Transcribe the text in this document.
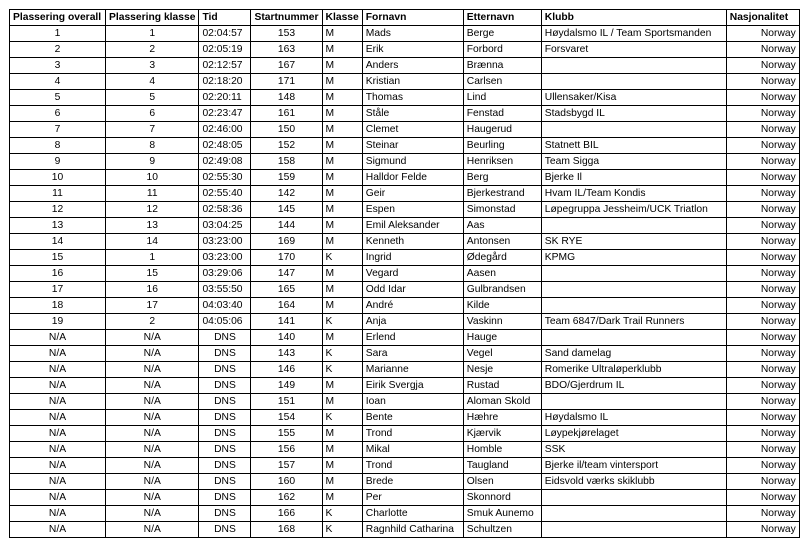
Plassering overall	Plassering klasse	Tid	Startnummer	Klasse	Fornavn	Etternavn	Klubb	Nasjonalitet
1	1	02:04:57	153	M	Mads	Berge	Høydalsmo IL / Team Sportsmanden	Norway
2	2	02:05:19	163	M	Erik	Forbord	Forsvaret	Norway
3	3	02:12:57	167	M	Anders	Brænna		Norway
4	4	02:18:20	171	M	Kristian	Carlsen		Norway
5	5	02:20:11	148	M	Thomas	Lind	Ullensaker/Kisa	Norway
6	6	02:23:47	161	M	Ståle	Fenstad	Stadsbygd IL	Norway
7	7	02:46:00	150	M	Clemet	Haugerud		Norway
8	8	02:48:05	152	M	Steinar	Beurling	Statnett BIL	Norway
9	9	02:49:08	158	M	Sigmund	Henriksen	Team Sigga	Norway
10	10	02:55:30	159	M	Halldor Felde	Berg	Bjerke Il	Norway
11	11	02:55:40	142	M	Geir	Bjerkestrand	Hvam IL/Team Kondis	Norway
12	12	02:58:36	145	M	Espen	Simonstad	Løpegruppa Jessheim/UCK Triatlon	Norway
13	13	03:04:25	144	M	Emil Aleksander	Aas		Norway
14	14	03:23:00	169	M	Kenneth	Antonsen	SK RYE	Norway
15	1	03:23:00	170	K	Ingrid	Ødegård	KPMG	Norway
16	15	03:29:06	147	M	Vegard	Aasen		Norway
17	16	03:55:50	165	M	Odd Idar	Gulbrandsen		Norway
18	17	04:03:40	164	M	André	Kilde		Norway
19	2	04:05:06	141	K	Anja	Vaskinn	Team 6847/Dark Trail Runners	Norway
N/A	N/A	DNS	140	M	Erlend	Hauge		Norway
N/A	N/A	DNS	143	K	Sara	Vegel	Sand damelag	Norway
N/A	N/A	DNS	146	K	Marianne	Nesje	Romerike Ultraløperklubb	Norway
N/A	N/A	DNS	149	M	Eirik Svergja	Rustad	BDO/Gjerdrum IL	Norway
N/A	N/A	DNS	151	M	Ioan	Aloman Skold		Norway
N/A	N/A	DNS	154	K	Bente	Hæhre	Høydalsmo IL	Norway
N/A	N/A	DNS	155	M	Trond	Kjærvik	Løypekjørelaget	Norway
N/A	N/A	DNS	156	M	Mikal	Homble	SSK	Norway
N/A	N/A	DNS	157	M	Trond	Taugland	Bjerke il/team vintersport	Norway
N/A	N/A	DNS	160	M	Brede	Olsen	Eidsvold værks skiklubb	Norway
N/A	N/A	DNS	162	M	Per	Skonnord		Norway
N/A	N/A	DNS	166	K	Charlotte	Smuk Aunemo		Norway
N/A	N/A	DNS	168	K	Ragnhild Catharina	Schultzen		Norway
